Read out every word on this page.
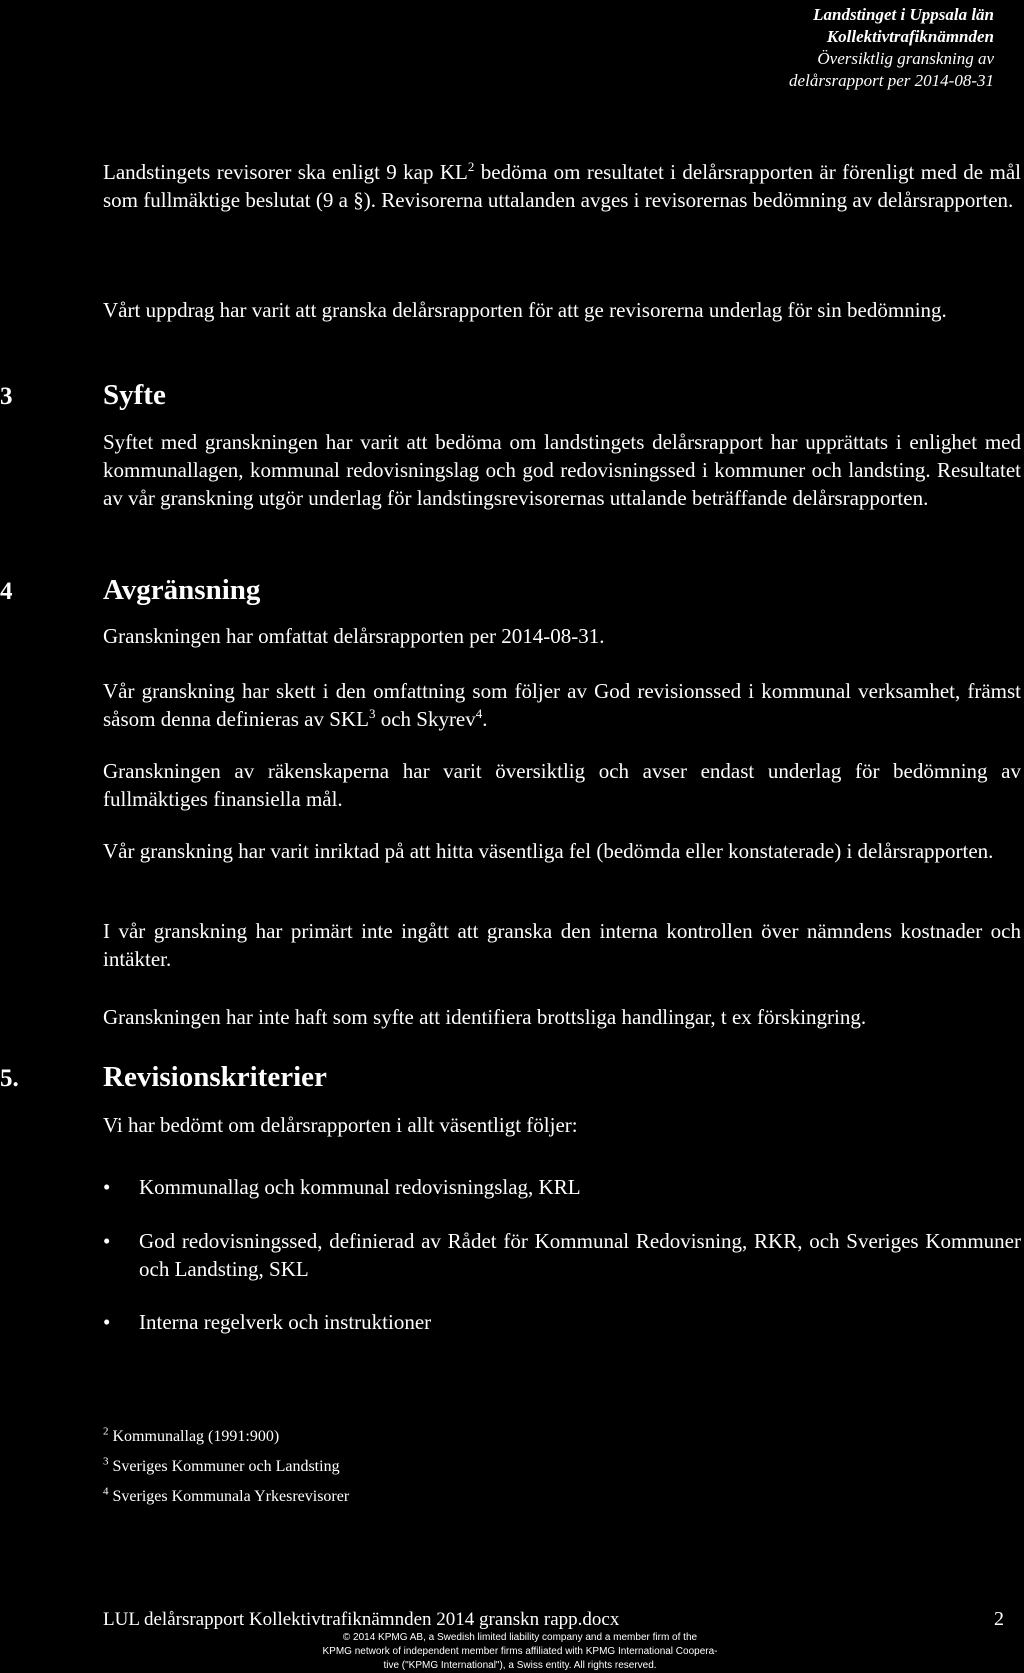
Landstinget i Uppsala län
Kollektivtrafiknämnden
Översiktlig granskning av
delårsrapport per 2014-08-31
3
4
5.

Landstingets revisorer ska enligt 9 kap $KL^2$ bedöma om resultatet i delårsrapporten är förenligt med de mål som fullmäktige beslutat (9 a §). Revisorerna uttalanden avges i revisorernas bedömning av delårsrapporten.

Vårt uppdrag har varit att granska delårsrapporten för att ge revisorerna underlag för sin bedömning.

Syfte

Syftet med granskningen har varit att bedöma om landstingets delårsrapport har upprättats i enlighet med kommunallagen, kommunal redovisningslag och god redovisningssed i kommuner och landsting. Resultatet av vår granskning utgör underlag för landstingsrevisorernas uttalande beträffande delårsrapporten.

Avgränsning

Granskningen har omfattat delårsrapporten per 2014-08-31.

Vår granskning har skett i den omfattning som följer av God revisionssed i kommunal verksamhet, främst såsom denna definieras av SKL$^3$ och Skyrev$^4$.

Granskningen av räkenskaperna har varit översiktlig och avser endast underlag för bedömning av fullmäktiges finansiella mål.

Vår granskning har varit inriktad på att hitta väsentliga fel (bedömda eller konstaterade) i delårsrapporten.

I vår granskning har primärt inte ingått att granska den interna kontrollen över nämndens kostnader och intäkter.

Granskningen har inte haft som syfte att identifiera brottsliga handlingar, t ex förskingring.

Revisionskriterier

Vi har bedömt om delårsrapporten i allt väsentligt följer:

• Kommunallag och kommunal redovisningslag, KRL
• God redovisningssed, definierad av Rådet för Kommunal Redovisning, RKR, och Sveriges Kommuner och Landsting, SKL
• Interna regelverk och instruktioner
$^2$ Kommunallag (1991:900)
$^3$ Sveriges Kommuner och Landsting
$^4$ Sveriges Kommunala Yrkesrevisorer
LUL delårsrapport Kollektivtrafiknämnden 2014 granskn rapp.docx	2
© 2014 KPMG AB, a Swedish limited liability company and a member firm of the
KPMG network of independent member firms affiliated with KPMG International Coopera-
tive ("KPMG International"), a Swiss entity. All rights reserved.
